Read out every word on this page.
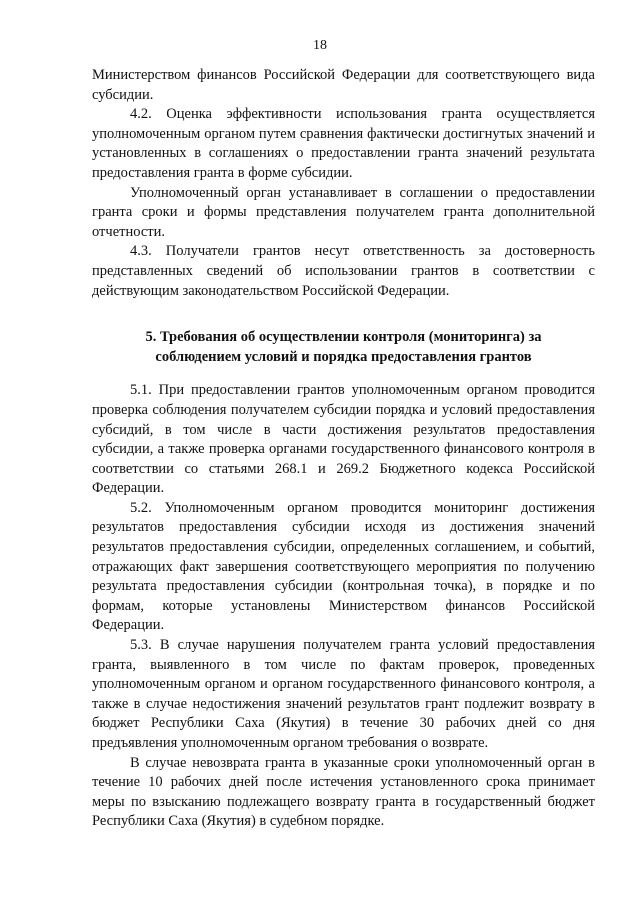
18

Министерством финансов Российской Федерации для соответствующего вида субсидии.

4.2. Оценка эффективности использования гранта осуществляется уполномоченным органом путем сравнения фактически достигнутых значений и установленных в соглашениях о предоставлении гранта значений результата предоставления гранта в форме субсидии.

Уполномоченный орган устанавливает в соглашении о предоставлении гранта сроки и формы представления получателем гранта дополнительной отчетности.

4.3. Получатели грантов несут ответственность за достоверность представленных сведений об использовании грантов в соответствии с действующим законодательством Российской Федерации.

5. Требования об осуществлении контроля (мониторинга) за
соблюдением условий и порядка предоставления грантов

5.1. При предоставлении грантов уполномоченным органом проводится проверка соблюдения получателем субсидии порядка и условий предоставления субсидий, в том числе в части достижения результатов предоставления субсидии, а также проверка органами государственного финансового контроля в соответствии со статьями 268.1 и 269.2 Бюджетного кодекса Российской Федерации.

5.2. Уполномоченным органом проводится мониторинг достижения результатов предоставления субсидии исходя из достижения значений результатов предоставления субсидии, определенных соглашением, и событий, отражающих факт завершения соответствующего мероприятия по получению результата предоставления субсидии (контрольная точка), в порядке и по формам, которые установлены Министерством финансов Российской Федерации.

5.3. В случае нарушения получателем гранта условий предоставления гранта, выявленного в том числе по фактам проверок, проведенных уполномоченным органом и органом государственного финансового контроля, а также в случае недостижения значений результатов грант подлежит возврату в бюджет Республики Саха (Якутия) в течение 30 рабочих дней со дня предъявления уполномоченным органом требования о возврате.

В случае невозврата гранта в указанные сроки уполномоченный орган в течение 10 рабочих дней после истечения установленного срока принимает меры по взысканию подлежащего возврату гранта в государственный бюджет Республики Саха (Якутия) в судебном порядке.
